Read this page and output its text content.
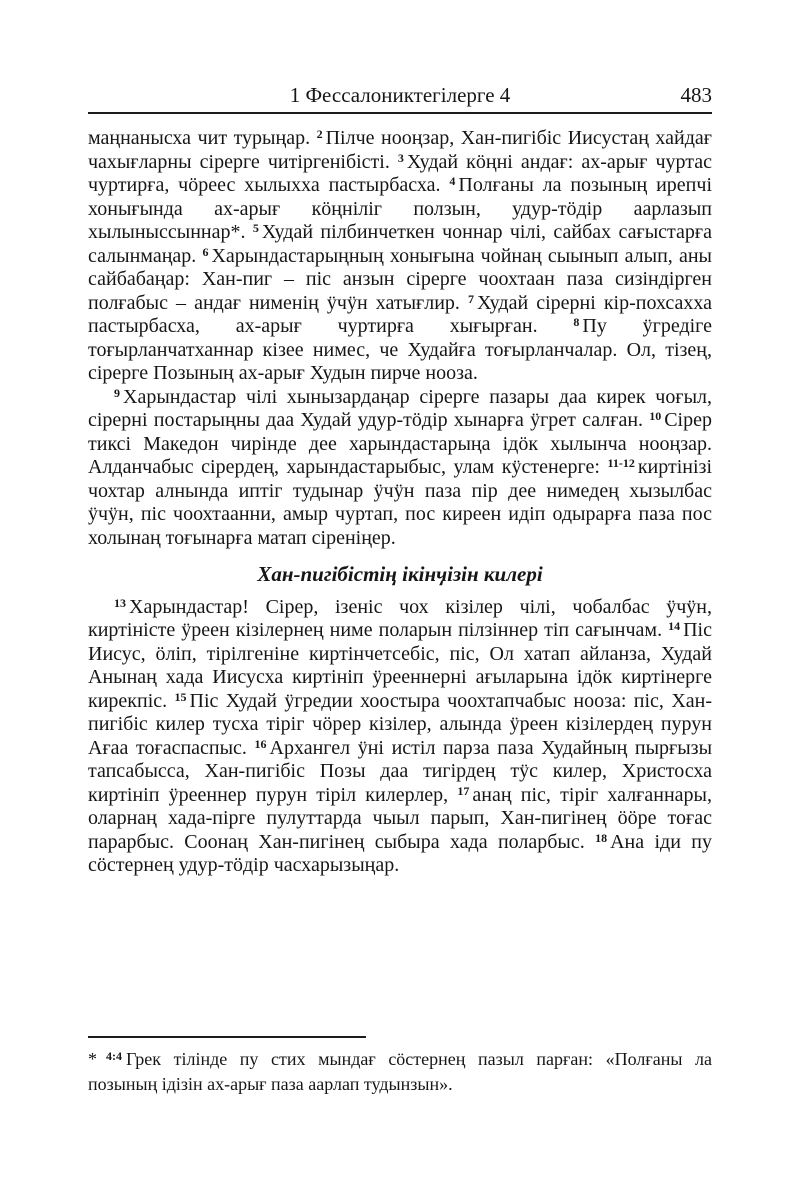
1 Фессалониктегілерге 4	483

маңнанысха чит турыңар. $^2$ Пілче нооңзар, Хан-пигібіс Иисустаң хайдағ чахығларны сірерге читіргенібісті. $^3$ Худай кӧңні андағ: ах-арығ чуртас чуртирға, чӧреес хылыхха пастырбасха. $^4$ Полғаны ла позының ирепчі хонығында ах-арығ кӧңніліг ползын, удур-тӧдір аарлазып хылыныссыннар*. $^5$ Худай пілбинчеткен чоннар чілі, сайбах сағыстарға салынмаңар. $^6$ Харындастарыңның хонығына чойнаң сыынып алып, аны сайбабаңар: Хан-пиг – піс анзын сірерге чоохтаан паза сизіндірген полғабыс – андағ нименің ӱчӱн хатығлир. $^7$ Худай сірерні кір-похсахха пастырбасха, ах-арығ чуртирға хығырған. $^8$ Пу ӱгредіге тоғырланчатханнар кізее нимес, че Худайға тоғырланчалар. Ол, тізең, сірерге Позының ах-арығ Худын пирче нооза.

$^9$ Харындастар чілі хынызардаңар сірерге пазары даа кирек чоғыл, сірерні постарыңны даа Худай удур-тӧдір хынарға ӱгрет салған. $^{10}$ Сірер тиксі Македон чирінде дее харындастарыңа ідӧк хылынча нооңзар. Алданчабыс сірердең, харындастарыбыс, улам кӱстенерге: $^{11-12}$ киртінізі чохтар алнында иптіг тудынар ӱчӱн паза пір дее нимедең хызылбас ӱчӱн, піс чоохтаанни, амыр чуртап, пос киреен идіп одырарға паза пос холынаң тоғынарға матап сіреніңер.

Хан-пигібістің ікінӌізін килері

$^{13}$ Харындастар! Сірер, ізеніс чох кізілер чілі, чобалбас ӱчӱн, киртіністе ӱреен кізілернең ниме поларын пілзіннер тіп сағынчам. $^{14}$ Піс Иисус, ӧліп, тірілгеніне киртінчетсебіс, піс, Ол хатап айланза, Худай Анынаң хада Иисусха киртініп ӱрееннерні ағыларына ідӧк киртінерге кирекпіс. $^{15}$ Піс Худай ӱгредии хоостыра чоохтапчабыс нооза: піс, Хан-пигібіс килер тусха тіріг чӧрер кізілер, алында ӱреен кізілердең пурун Ағаа тоғаспаспыс. $^{16}$ Архангел ӱні истіл парза паза Худайның пырғызы тапсабысса, Хан-пигібіс Позы даа тигірдең тӱс килер, Христосха киртініп ӱрееннер пурун тіріл килерлер, $^{17}$ анаң піс, тіріг халғаннары, оларнаң хада-пірге пулуттарда чыыл парып, Хан-пигінең ӧӧре тоғас парарбыс. Соонаң Хан-пигінең сыбыра хада поларбыс. $^{18}$ Ана іди пу сӧстернең удур-тӧдір часхарызыңар.

* $^{4:4}$ Грек тілінде пу стих мындағ сӧстернең пазыл парған: «Полғаны ла позының ідізін ах-арығ паза аарлап тудынзын».
